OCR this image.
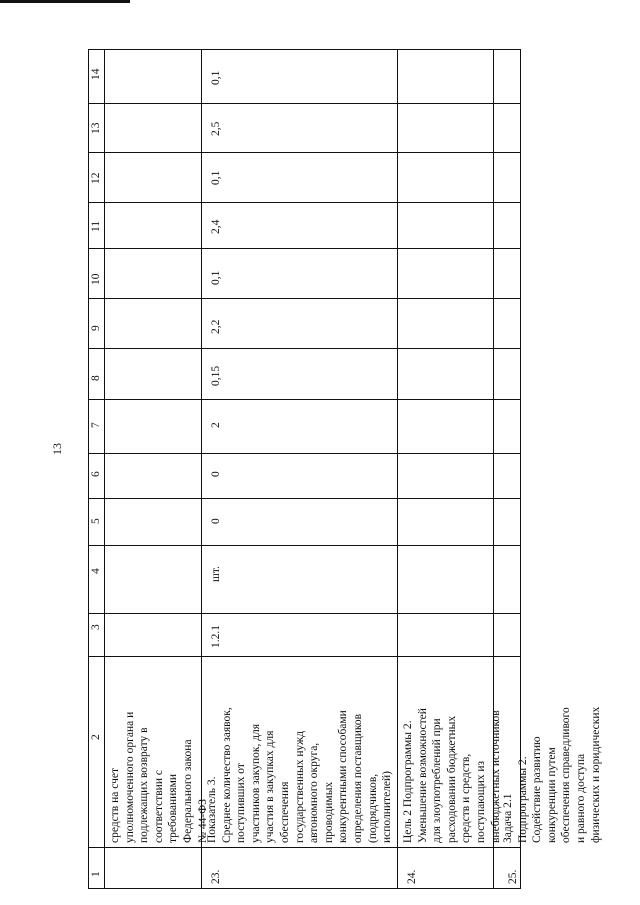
13
1
2
3
4
5
6
7
8
9
10
11
12
13
14
средств на счет уполномоченного органа и подлежащих возврату в соответствии с требованиями Федерального закона № 44-ФЗ
23.
Показатель 3. Среднее количество заявок, поступивших от участников закупок, для участия в закупках для обеспечения государственных нужд автономного округа, проводимых конкурентными способами определения поставщиков (подрядчиков, исполнителей)
1.2.1
шт.
0
0
2
0,15
2,2
0,1
2,4
0,1
2,5
0,1
24.
Цель 2 Подпрограммы 2. Уменьшение возможностей для злоупотреблений при расходовании бюджетных средств и средств, поступающих из внебюджетных источников
25.
Задача 2.1 Подпрограммы 2. Содействие развитию конкуренции путем обеспечения справедливого и равного доступа физических и юридических
